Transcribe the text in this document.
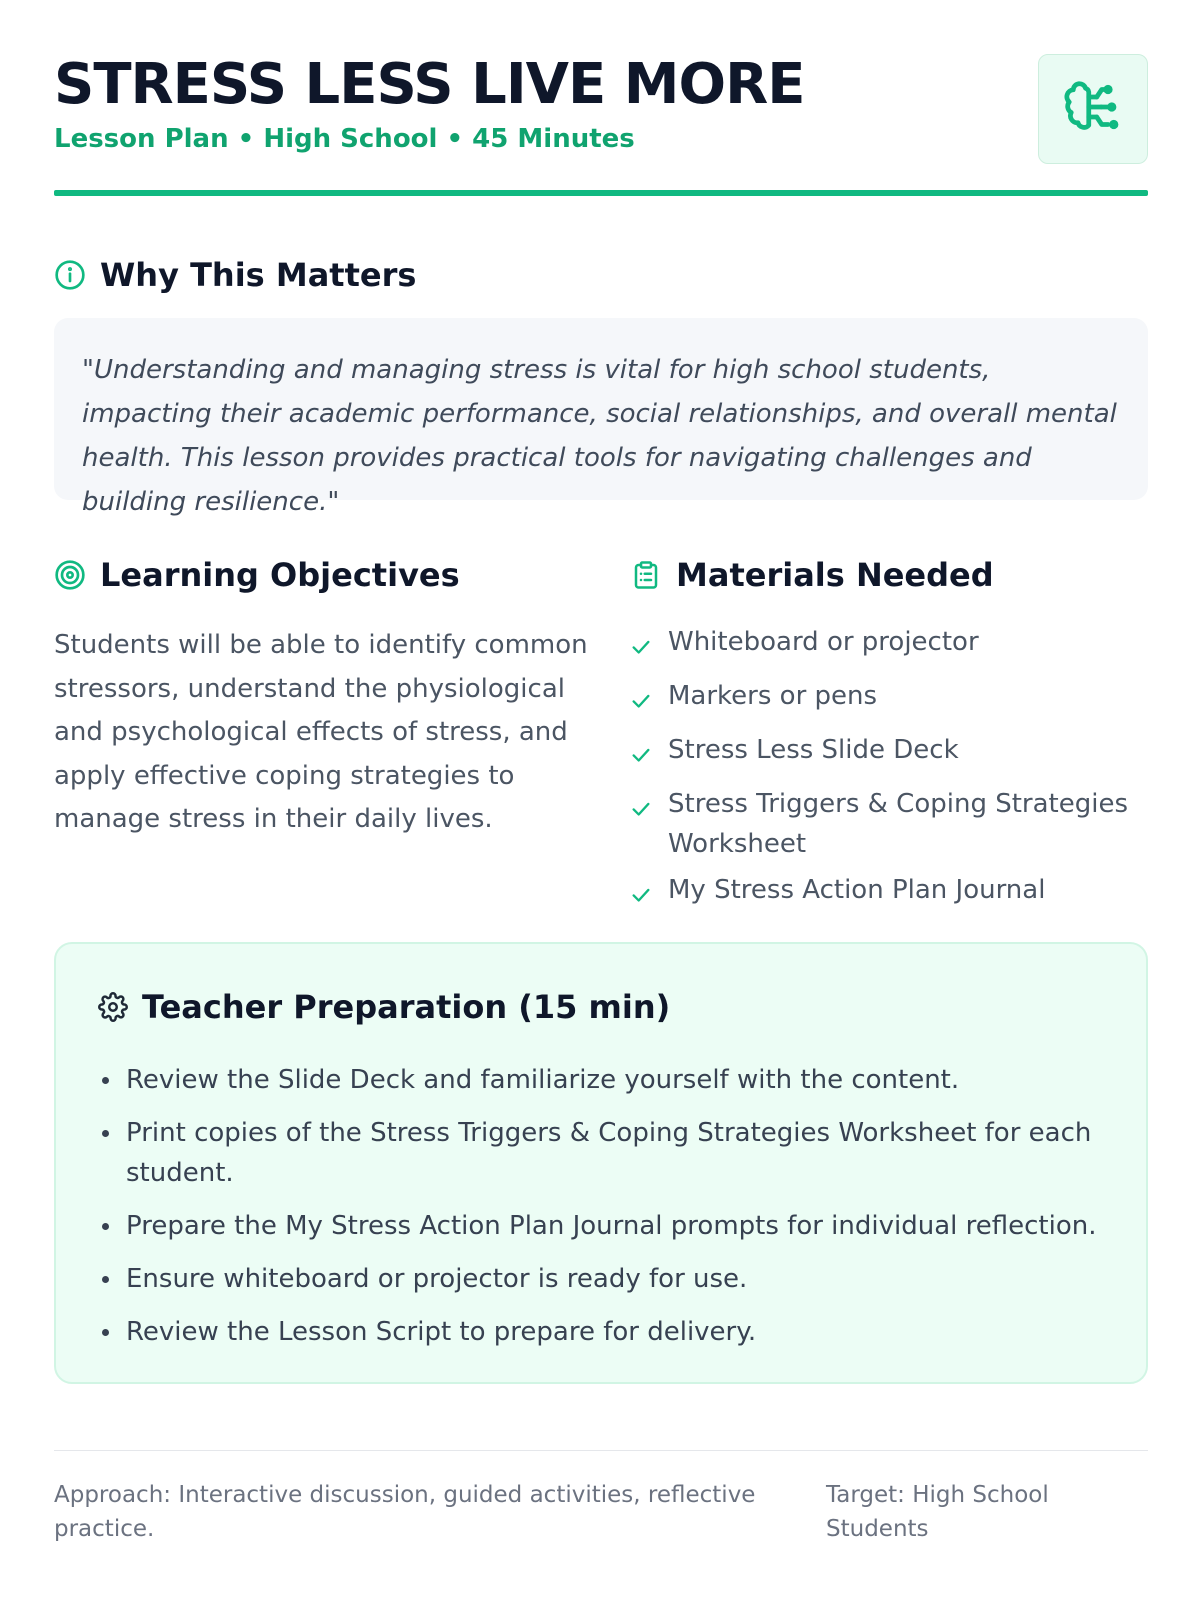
STRESS LESS LIVE MORE
Lesson Plan • High School • 45 Minutes
Why This Matters
"Understanding and managing stress is vital for high school students, impacting their academic performance, social relationships, and overall mental health. This lesson provides practical tools for navigating challenges and building resilience."
Learning Objectives

Students will be able to identify common stressors, understand the physiological and psychological effects of stress, and apply effective coping strategies to manage stress in their daily lives.

Materials Needed
Whiteboard or projector
Markers or pens
Stress Less Slide Deck
Stress Triggers & Coping Strategies Worksheet
My Stress Action Plan Journal
Teacher Preparation (15 min)
Review the Slide Deck and familiarize yourself with the content.
Print copies of the Stress Triggers & Coping Strategies Worksheet for each student.
Prepare the My Stress Action Plan Journal prompts for individual reflection.
Ensure whiteboard or projector is ready for use.
Review the Lesson Script to prepare for delivery.
Approach: Interactive discussion, guided activities, reflective practice.
Target: High School Students
